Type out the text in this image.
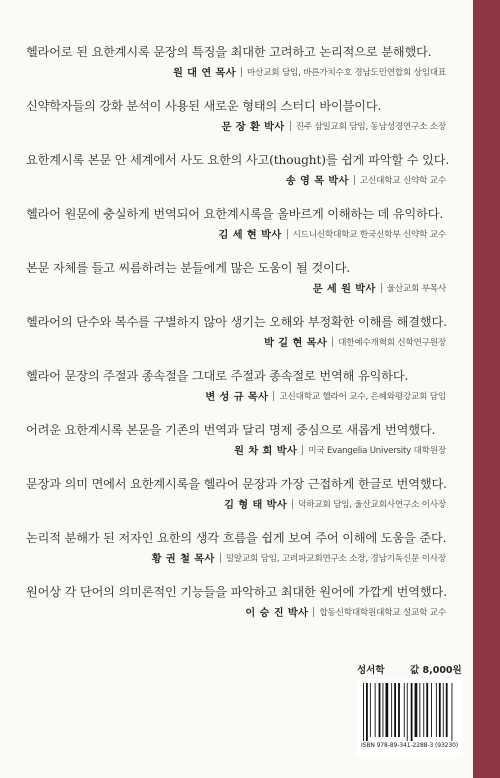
헬라어로 된 요한계시록 문장의 특징을 최대한 고려하고 논리적으로 분해했다.
원 대 연 목사 마산교회 담임, 바른가치수호 경남도민연합회 상임대표
신약학자들의 강화 분석이 사용된 새로운 형태의 스터디 바이블이다.
문 장 환 박사 진주 삼일교회 담임, 동남성경연구소 소장
요한계시록 본문 안 세계에서 사도 요한의 사고(thought)를 쉽게 파악할 수 있다.
송 영 목 박사 고신대학교 신약학 교수
헬라어 원문에 충실하게 번역되어 요한계시록을 올바르게 이해하는 데 유익하다.
김 세 현 박사 시드니신학대학교 한국신학부 신약학 교수
본문 자체를 들고 씨름하려는 분들에게 많은 도움이 될 것이다.
문 세 원 박사 울산교회 부목사
헬라어의 단수와 복수를 구별하지 않아 생기는 오해와 부정확한 이해를 해결했다.
박 길 현 목사 대한예수개혁회 신학연구원장
헬라어 문장의 주절과 종속절을 그대로 주절과 종속절로 번역해 유익하다.
변 성 규 목사 고신대학교 헬라어 교수, 은혜와평강교회 담임
어려운 요한계시록 본문을 기존의 번역과 달리 명제 중심으로 새롭게 번역했다.
원 차 희 박사 미국 Evangelia University 대학원장
문장과 의미 면에서 요한계시록을 헬라어 문장과 가장 근접하게 한글로 번역했다.
김 형 태 박사 덕하교회 담임, 울산교회사연구소 이사장
논리적 분해가 된 저자인 요한의 생각 흐름을 쉽게 보여 주어 이해에 도움을 준다.
황 권 철 목사 밀알교회 담임, 고려파교회연구소 소장, 경남기독신문 이사장
원어상 각 단어의 의미론적인 기능들을 파악하고 최대한 원어에 가깝게 번역했다.
이 승 진 박사 합동신학대학원대학교 설교학 교수
성서학	값 8,000원
ISBN 978-89-341-2288-3 (93230)
